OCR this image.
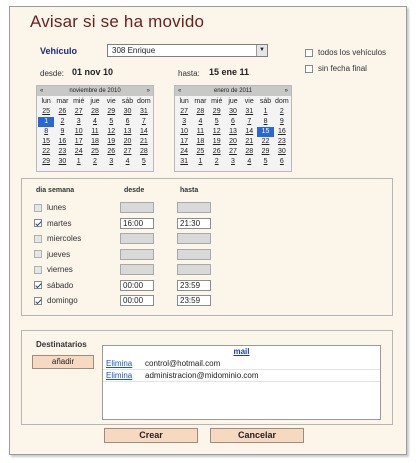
Avisar si se ha movido
Vehículo	308 Enrique	▼	todos los vehículos
sin fecha final
desde: 01 nov 10	hasta: 15 ene 11
«	noviembre de 2010	»
lun mar mié jue	vie sáb dom
25	26	27	28	29	30	31
1	2	3	4	5	6	7
8	9	10	11	12	13	14
15	16	17	18	19	20	21
22	23	24	25	26	27	28
29	30	1	2	3	4	5
«	enero de 2011	»
lun mar mié jue	vie sáb dom
27	28	29	30	31	1	2
3	4	5	6	7	8	9
10	11	12	13	14	15	16
17	18	19	20	21	22	23
24	25	26	27	28	29	30
31	1	2	3	4	5	6
dia semana	desde	hasta
lunes
martes	16:00	21:30
miercoles
jueves
viernes
sábado	00:00	23:59
domingo	00:00	23:59
Destinatarios
añadir
mail
Elimina	control@hotmail.com
Elimina	administracion@midominio.com
Crear	Cancelar
